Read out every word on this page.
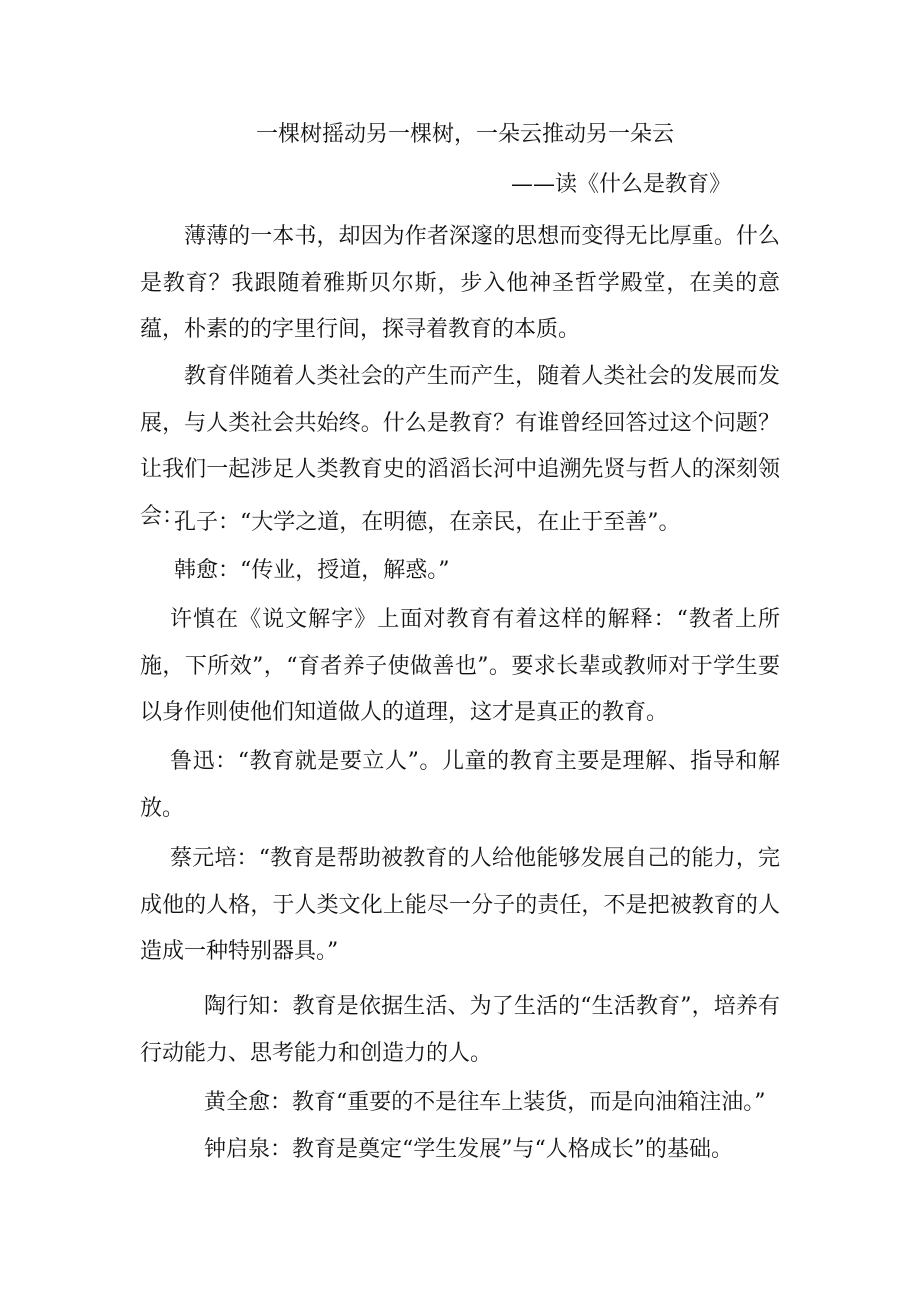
一棵树摇动另一棵树，一朵云推动另一朵云
——读《什么是教育》

薄薄的一本书，却因为作者深邃的思想而变得无比厚重。什么是教育？我跟随着雅斯贝尔斯，步入他神圣哲学殿堂，在美的意蕴，朴素的的字里行间，探寻着教育的本质。

教育伴随着人类社会的产生而产生，随着人类社会的发展而发展，与人类社会共始终。什么是教育？有谁曾经回答过这个问题？让我们一起涉足人类教育史的滔滔长河中追溯先贤与哲人的深刻领会：

孔子：“大学之道，在明德，在亲民，在止于至善”。

韩愈：“传业，授道，解惑。”

许慎在《说文解字》上面对教育有着这样的解释：“教者上所施，下所效”，“育者养子使做善也”。要求长辈或教师对于学生要以身作则使他们知道做人的道理，这才是真正的教育。

鲁迅：“教育就是要立人”。儿童的教育主要是理解、指导和解放。

蔡元培：“教育是帮助被教育的人给他能够发展自己的能力，完成他的人格，于人类文化上能尽一分子的责任，不是把被教育的人造成一种特别器具。”

陶行知：教育是依据生活、为了生活的“生活教育”，培养有行动能力、思考能力和创造力的人。

黄全愈：教育“重要的不是往车上装货，而是向油箱注油。”

钟启泉：教育是奠定“学生发展”与“人格成长”的基础。
